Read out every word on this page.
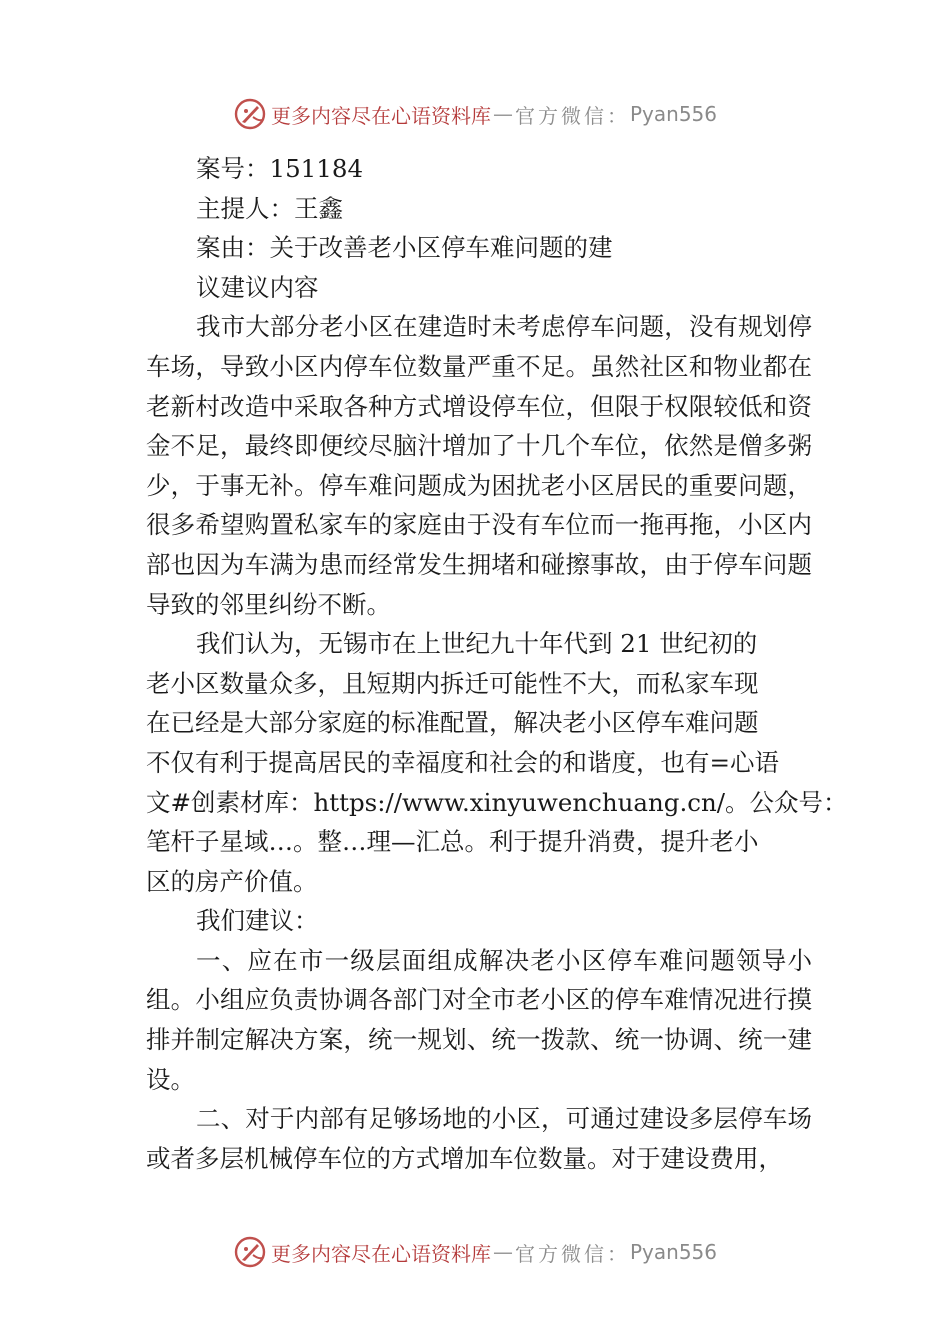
更多内容尽在心语资料库 — 官方微信： Pyan556
案号：151184
主提人：王鑫
案由：关于改善老小区停车难问题的建
议建议内容

我市大部分老小区在建造时未考虑停车问题，没有规划停车场，导致小区内停车位数量严重不足。虽然社区和物业都在老新村改造中采取各种方式增设停车位，但限于权限较低和资金不足，最终即便绞尽脑汁增加了十几个车位，依然是僧多粥少，于事无补。停车难问题成为困扰老小区居民的重要问题，很多希望购置私家车的家庭由于没有车位而一拖再拖，小区内部也因为车满为患而经常发生拥堵和碰擦事故，由于停车问题导致的邻里纠纷不断。

我们认为，无锡市在上世纪九十年代到 21 世纪初的
老小区数量众多，且短期内拆迁可能性不大，而私家车现
在已经是大部分家庭的标准配置，解决老小区停车难问题
不仅有利于提高居民的幸福度和社会的和谐度，也有=心语
文#创素材库：https://www.xinyuwenchuang.cn/。公众号：
笔杆子星域…。整…理—汇总。利于提升消费，提升老小
区的房产价值。
我们建议：

一、应在市一级层面组成解决老小区停车难问题领导小组。小组应负责协调各部门对全市老小区的停车难情况进行摸排并制定解决方案，统一规划、统一拨款、统一协调、统一建设。

二、对于内部有足够场地的小区，可通过建设多层停车场或者多层机械停车位的方式增加车位数量。对于建设费用，

更多内容尽在心语资料库 — 官方微信： Pyan556
